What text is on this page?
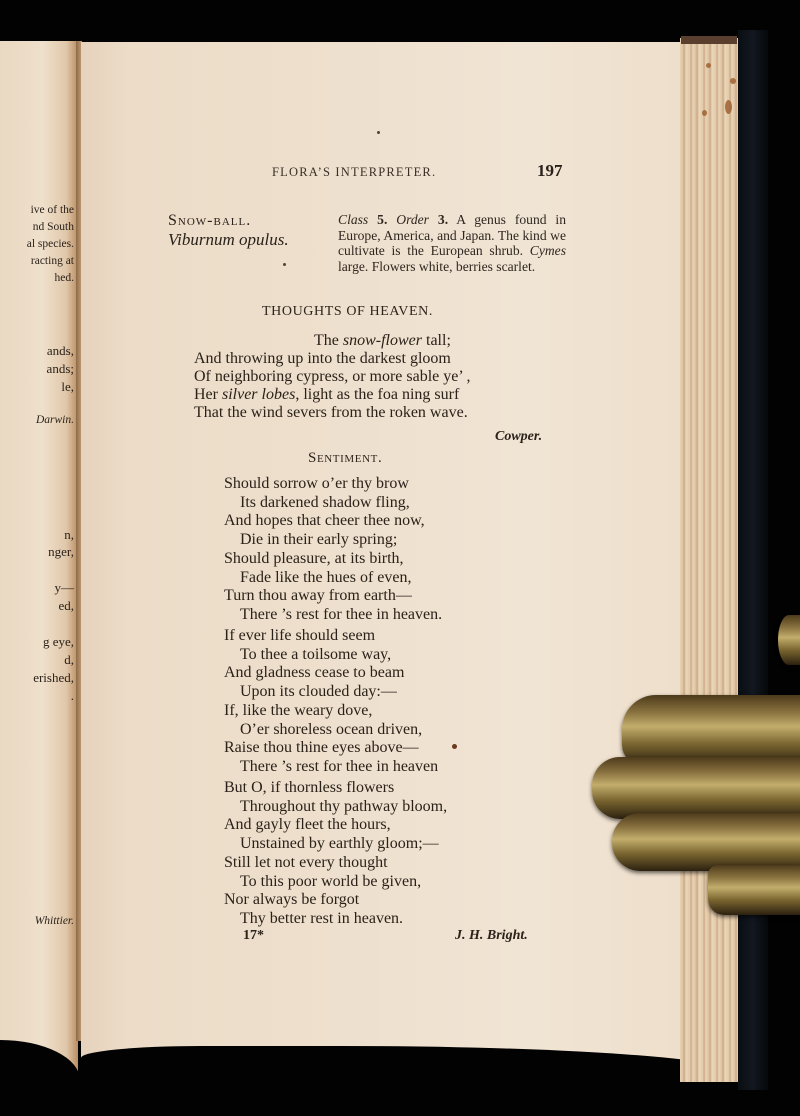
ive of the
nd South
al species.
racting at
hed.
ands,
ands;
le,
Darwin.
n,
nger,
y—
ed,
g eye,
d,
erished,
.
Whittier.
FLORA’S INTERPRETER.	197
Snow-ball.
Viburnum opulus.
Class 5. Order 3. A genus found in Europe, America, and Japan. The kind we cultivate is the European shrub. Cymes large. Flowers white, berries scarlet.
THOUGHTS OF HEAVEN.
The snow-flower tall;
And throwing up into the darkest gloom
Of neighboring cypress, or more sable ye’ ,
Her silver lobes, light as the foa ning surf
That the wind severs from the roken wave.
Cowper.
Sentiment.
Should sorrow o’er thy brow
Its darkened shadow fling,
And hopes that cheer thee now,
Die in their early spring;
Should pleasure, at its birth,
Fade like the hues of even,
Turn thou away from earth—
There ’s rest for thee in heaven.
If ever life should seem
To thee a toilsome way,
And gladness cease to beam
Upon its clouded day:—
If, like the weary dove,
O’er shoreless ocean driven,
Raise thou thine eyes above—
There ’s rest for thee in heaven
But O, if thornless flowers
Throughout thy pathway bloom,
And gayly fleet the hours,
Unstained by earthly gloom;—
Still let not every thought
To this poor world be given,
Nor always be forgot
Thy better rest in heaven.
17*	J. H. Bright.
